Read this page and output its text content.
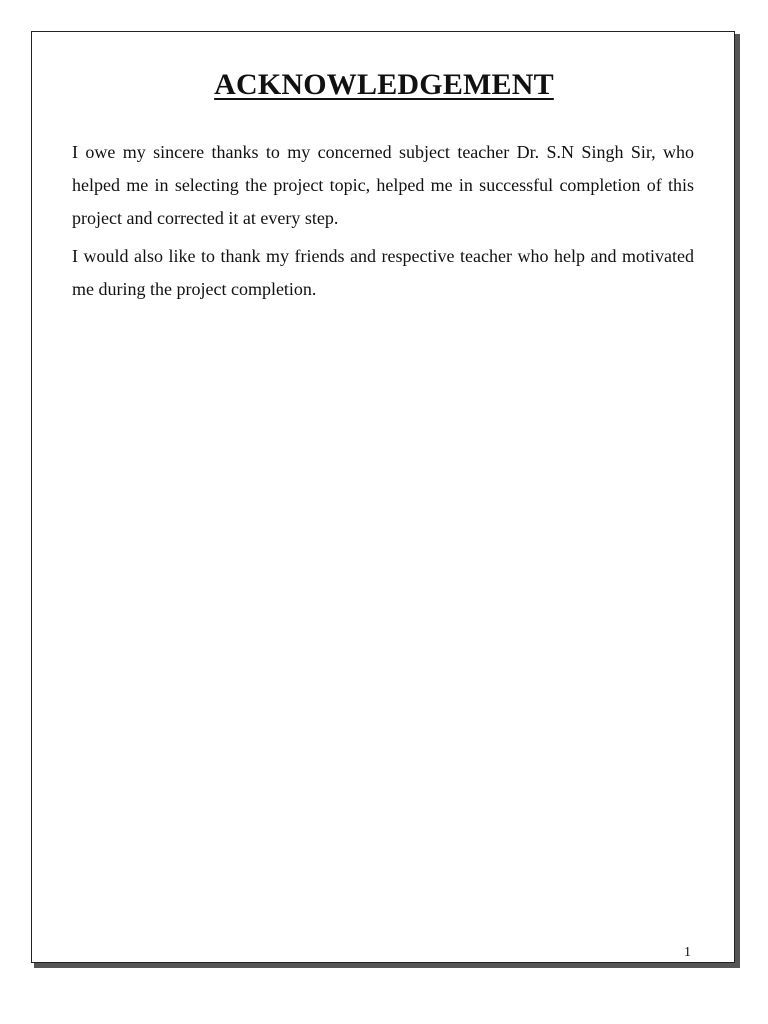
ACKNOWLEDGEMENT

I owe my sincere thanks to my concerned subject teacher Dr. S.N Singh Sir, who helped me in selecting the project topic, helped me in successful completion of this project and corrected it at every step.

I would also like to thank my friends and respective teacher who help and motivated me during the project completion.

1
